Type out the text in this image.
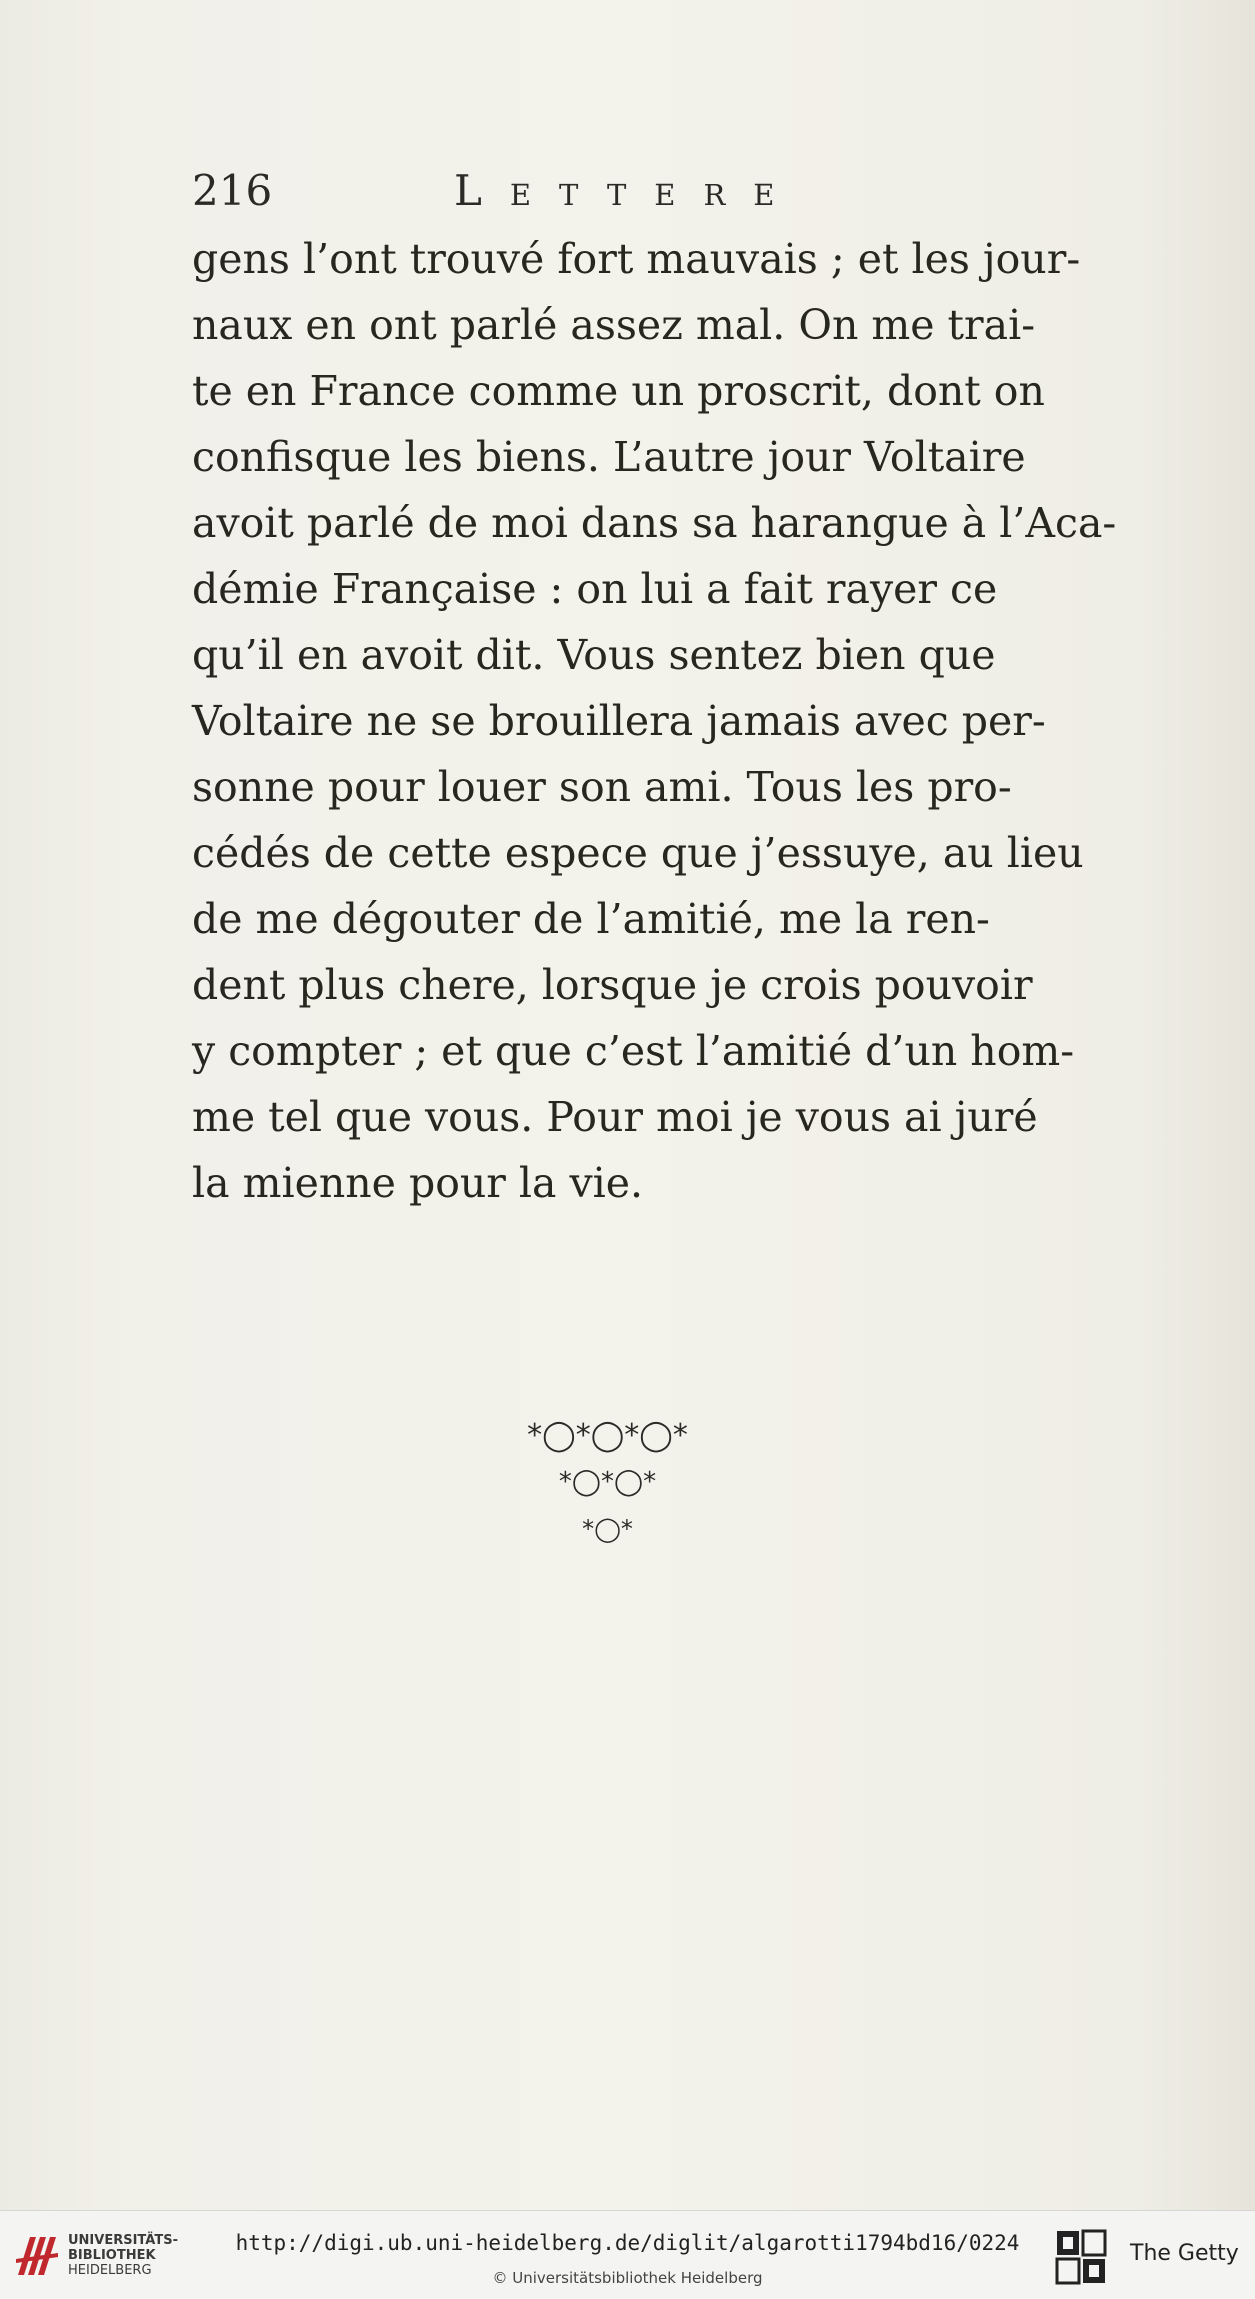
216	Lettere
gens l’ont trouvé fort mauvais ; et les jour-
naux en ont parlé assez mal. On me trai-
te en France comme un proscrit, dont on
confisque les biens. L’autre jour Voltaire
avoit parlé de moi dans sa harangue à l’Aca-
démie Française : on lui a fait rayer ce
qu’il en avoit dit. Vous sentez bien que
Voltaire ne se brouillera jamais avec per-
sonne pour louer son ami. Tous les pro-
cédés de cette espece que j’essuye, au lieu
de me dégouter de l’amitié, me la ren-
dent plus chere, lorsque je crois pouvoir
y compter ; et que c’est l’amitié d’un hom-
me tel que vous. Pour moi je vous ai juré
la mienne pour la vie.
*◯*◯*◯*
*◯*◯*
*◯*
UNIVERSITÄTS-
BIBLIOTHEK
HEIDELBERG
http://digi.ub.uni-heidelberg.de/diglit/algarotti1794bd16/0224
© Universitätsbibliothek Heidelberg
The Getty
